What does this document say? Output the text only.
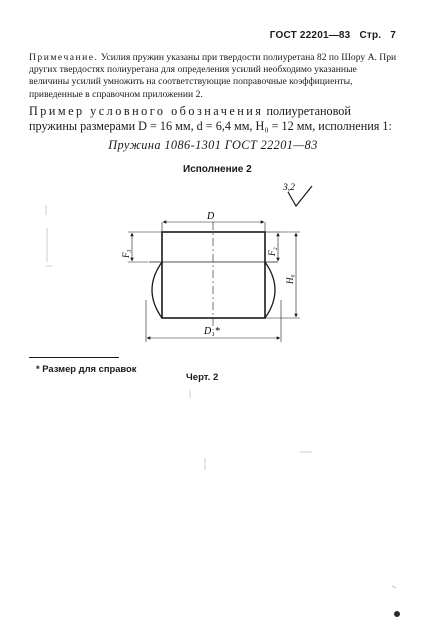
ГОСТ 22201—83 Стр. 7
Примечание. Усилия пружин указаны при твердости полиуретана 82 по Шору А. При других твердостях полиуретана для определения усилий необходимо указанные величины усилий умножить на соответствующие поправочные коэффициенты, приведенные в справочном приложении 2.
Пример условного обозначения полиуретановой пружины размерами D = 16 мм, d = 6,4 мм, H₀ = 12 мм, исполнения 1:
Пружина 1086-1301 ГОСТ 22201—83
Исполнение 2
3,2
D
D₁*
F₃	F₂
H₀
* Размер для справок
Черт. 2
